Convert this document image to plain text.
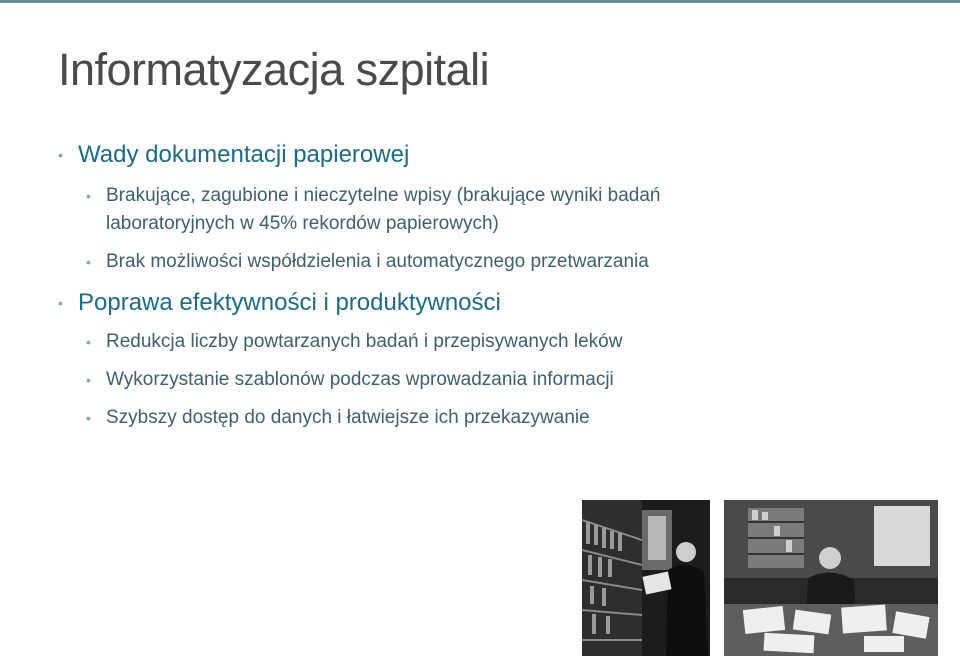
Informatyzacja szpitali
• Wady dokumentacji papierowej
• Brakujące, zagubione i nieczytelne wpisy (brakujące wyniki badań
laboratoryjnych w 45% rekordów papierowych)
• Brak możliwości współdzielenia i automatycznego przetwarzania
• Poprawa efektywności i produktywności
• Redukcja liczby powtarzanych badań i przepisywanych leków
• Wykorzystanie szablonów podczas wprowadzania informacji
• Szybszy dostęp do danych i łatwiejsze ich przekazywanie
